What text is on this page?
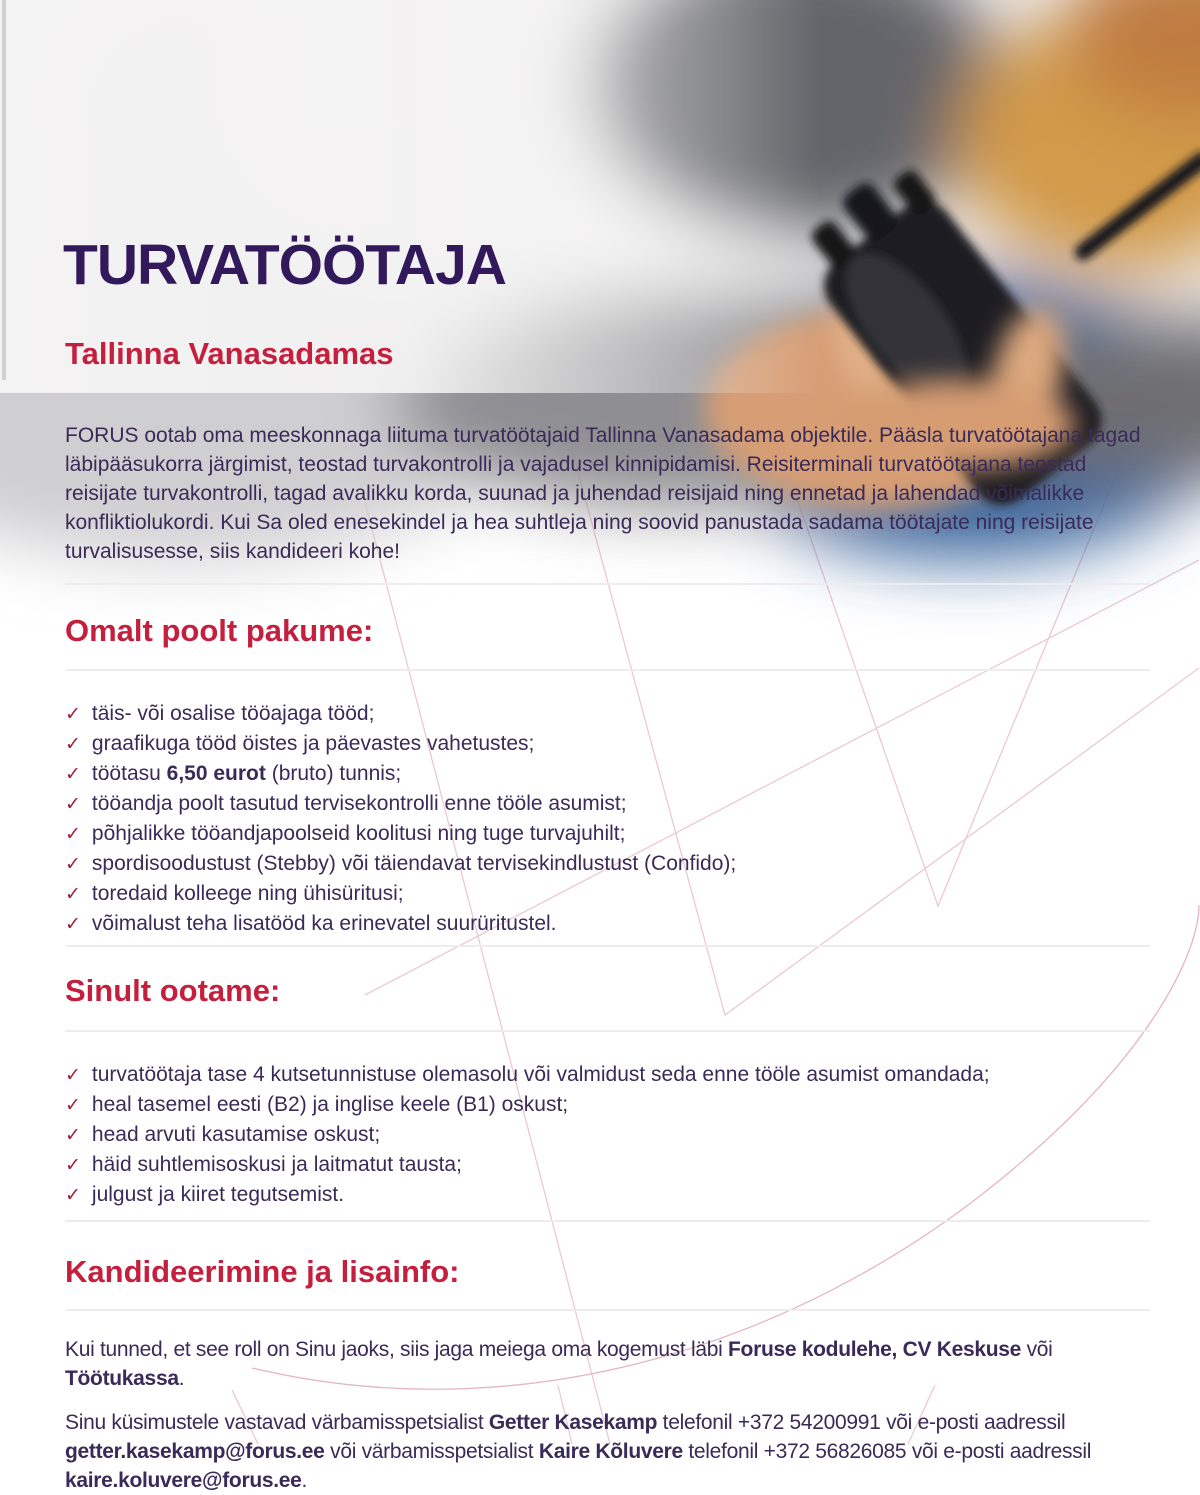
TURVATÖÖTAJA
Tallinna Vanasadamas

FORUS ootab oma meeskonnaga liituma turvatöötajaid Tallinna Vanasadama objektile. Pääsla turvatöötajana tagad läbipääsukorra järgimist, teostad turvakontrolli ja vajadusel kinnipidamisi. Reisiterminali turvatöötajana teostad reisijate turvakontrolli, tagad avalikku korda, suunad ja juhendad reisijaid ning ennetad ja lahendad võimalikke konfliktiolukordi. Kui Sa oled enesekindel ja hea suhtleja ning soovid panustada sadama töötajate ning reisijate turvalisusesse, siis kandideeri kohe!

Omalt poolt pakume:
✓ täis- või osalise tööajaga tööd;
✓ graafikuga tööd öistes ja päevastes vahetustes;
✓ töötasu 6,50 eurot (bruto) tunnis;
✓ tööandja poolt tasutud tervisekontrolli enne tööle asumist;
✓ põhjalikke tööandjapoolseid koolitusi ning tuge turvajuhilt;
✓ spordisoodustust (Stebby) või täiendavat tervisekindlustust (Confido);
✓ toredaid kolleege ning ühisüritusi;
✓ võimalust teha lisatööd ka erinevatel suurüritustel.
Sinult ootame:
✓ turvatöötaja tase 4 kutsetunnistuse olemasolu või valmidust seda enne tööle asumist omandada;
✓ heal tasemel eesti (B2) ja inglise keele (B1) oskust;
✓ head arvuti kasutamise oskust;
✓ häid suhtlemisoskusi ja laitmatut tausta;
✓ julgust ja kiiret tegutsemist.
Kandideerimine ja lisainfo:

Kui tunned, et see roll on Sinu jaoks, siis jaga meiega oma kogemust läbi Foruse kodulehe, CV Keskuse või Töötukassa.

Sinu küsimustele vastavad värbamisspetsialist Getter Kasekamp telefonil +372 54200991 või e-posti aadressil getter.kasekamp@forus.ee või värbamisspetsialist Kaire Kõluvere telefonil +372 56826085 või e-posti aadressil kaire.koluvere@forus.ee.
